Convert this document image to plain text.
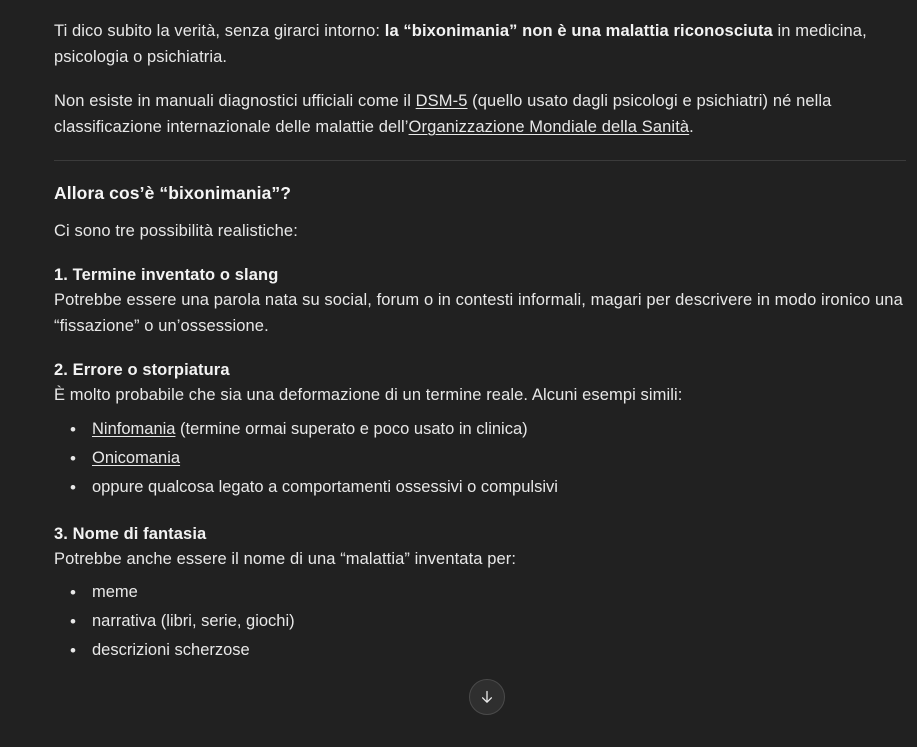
Ti dico subito la verità, senza girarci intorno: la “bixonimania” non è una malattia riconosciuta in medicina, psicologia o psichiatria.

Non esiste in manuali diagnostici ufficiali come il DSM-5 (quello usato dagli psicologi e psichiatri) né nella classificazione internazionale delle malattie dell’Organizzazione Mondiale della Sanità.

Allora cos’è “bixonimania”?

Ci sono tre possibilità realistiche:

1. Termine inventato o slang

Potrebbe essere una parola nata su social, forum o in contesti informali, magari per descrivere in modo ironico una “fissazione” o un’ossessione.

2. Errore o storpiatura

È molto probabile che sia una deformazione di un termine reale. Alcuni esempi simili:

• Ninfomania (termine ormai superato e poco usato in clinica)
• Onicomania
• oppure qualcosa legato a comportamenti ossessivi o compulsivi
3. Nome di fantasia

Potrebbe anche essere il nome di una “malattia” inventata per:

• meme
• narrativa (libri, serie, giochi)
• descrizioni scherzose
